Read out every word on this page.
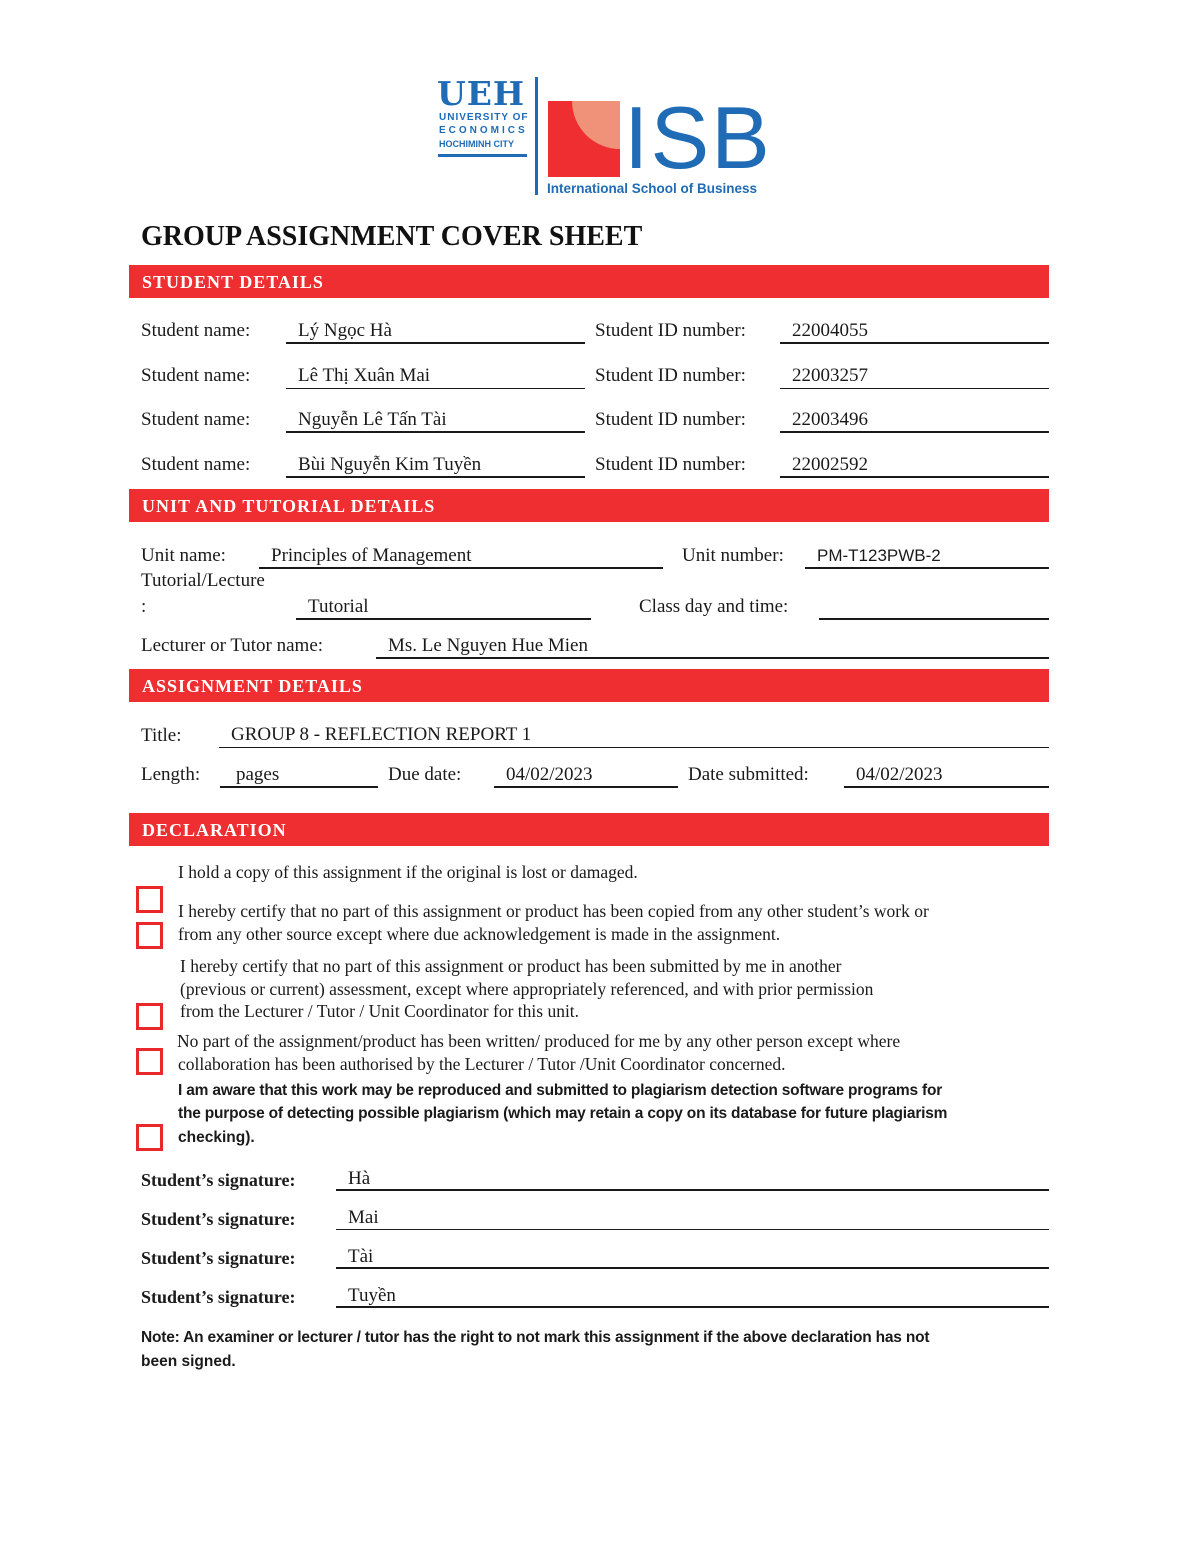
UEH
UNIVERSITY OF
ECONOMICS
HOCHIMINH CITY ISB
International School of Business
GROUP ASSIGNMENT COVER SHEET
STUDENT DETAILS
Student name:	Lý Ngọc Hà	Student ID number:	22004055
Student name:	Lê Thị Xuân Mai	Student ID number:	22003257
Student name:	Nguyễn Lê Tấn Tài	Student ID number:	22003496
Student name:	Bùi Nguyễn Kim Tuyền	Student ID number:	22002592
UNIT AND TUTORIAL DETAILS
Unit name:	Principles of Management	Unit number:	PM-T123PWB-2
Tutorial/Lecture
:	Tutorial	Class day and time:
Lecturer or Tutor name:	Ms. Le Nguyen Hue Mien
ASSIGNMENT DETAILS
Title:	GROUP 8 - REFLECTION REPORT 1
Length:	pages	Due date:	04/02/2023	Date submitted:	04/02/2023
DECLARATION
I hold a copy of this assignment if the original is lost or damaged.
I hereby certify that no part of this assignment or product has been copied from any other student’s work or
from any other source except where due acknowledgement is made in the assignment.
I hereby certify that no part of this assignment or product has been submitted by me in another
(previous or current) assessment, except where appropriately referenced, and with prior permission
from the Lecturer / Tutor / Unit Coordinator for this unit.
No part of the assignment/product has been written/ produced for me by any other person except where
collaboration has been authorised by the Lecturer / Tutor /Unit Coordinator concerned.
I am aware that this work may be reproduced and submitted to plagiarism detection software programs for
the purpose of detecting possible plagiarism (which may retain a copy on its database for future plagiarism
checking).
Student’s signature:	Hà
Student’s signature:	Mai
Student’s signature:	Tài
Student’s signature:	Tuyền
Note: An examiner or lecturer / tutor has the right to not mark this assignment if the above declaration has not
been signed.
